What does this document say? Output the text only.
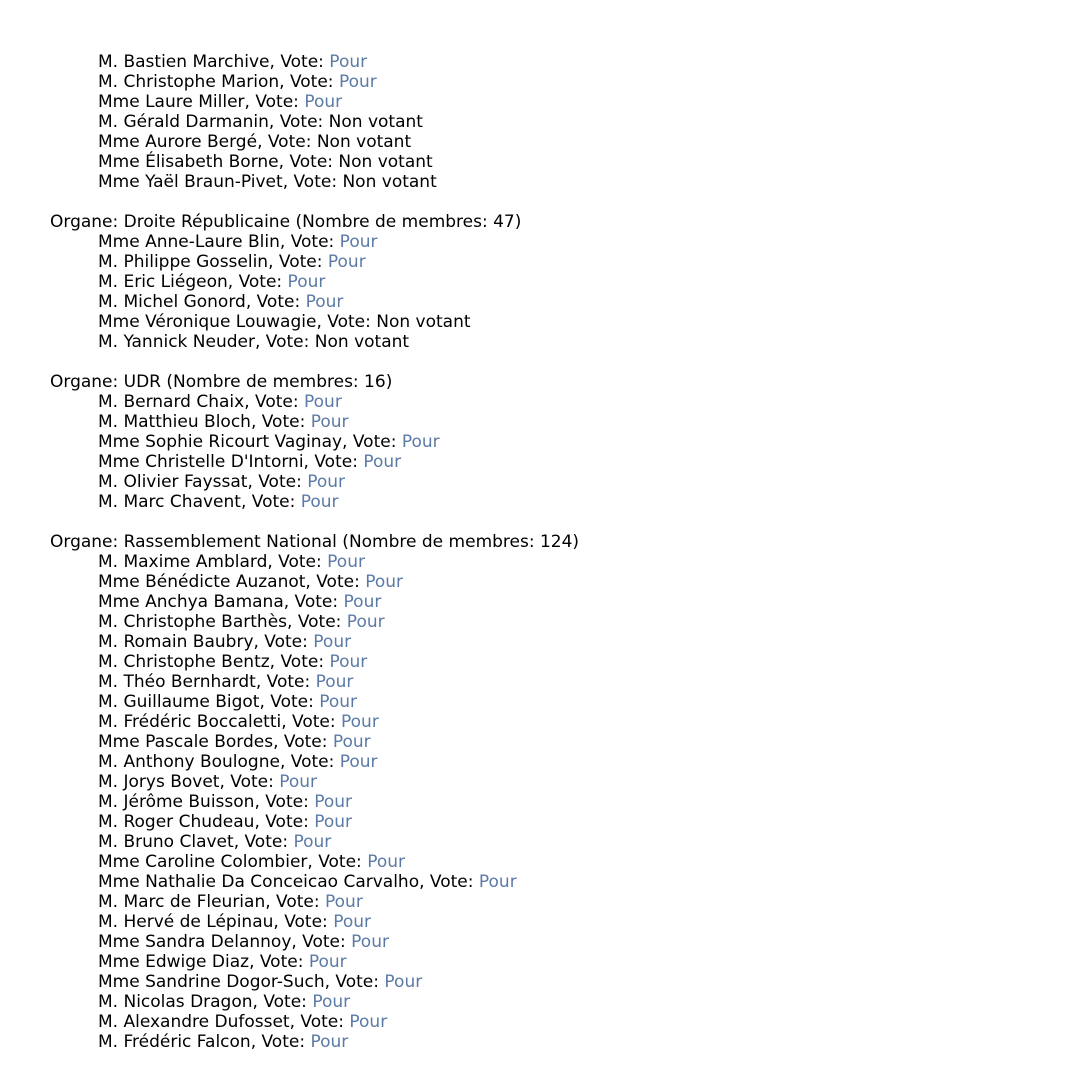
M. Bastien Marchive, Vote: Pour
M. Christophe Marion, Vote: Pour
Mme Laure Miller, Vote: Pour
M. Gérald Darmanin, Vote: Non votant
Mme Aurore Bergé, Vote: Non votant
Mme Élisabeth Borne, Vote: Non votant
Mme Yaël Braun-Pivet, Vote: Non votant
Organe: Droite Républicaine (Nombre de membres: 47)
Mme Anne-Laure Blin, Vote: Pour
M. Philippe Gosselin, Vote: Pour
M. Eric Liégeon, Vote: Pour
M. Michel Gonord, Vote: Pour
Mme Véronique Louwagie, Vote: Non votant
M. Yannick Neuder, Vote: Non votant
Organe: UDR (Nombre de membres: 16)
M. Bernard Chaix, Vote: Pour
M. Matthieu Bloch, Vote: Pour
Mme Sophie Ricourt Vaginay, Vote: Pour
Mme Christelle D'Intorni, Vote: Pour
M. Olivier Fayssat, Vote: Pour
M. Marc Chavent, Vote: Pour
Organe: Rassemblement National (Nombre de membres: 124)
M. Maxime Amblard, Vote: Pour
Mme Bénédicte Auzanot, Vote: Pour
Mme Anchya Bamana, Vote: Pour
M. Christophe Barthès, Vote: Pour
M. Romain Baubry, Vote: Pour
M. Christophe Bentz, Vote: Pour
M. Théo Bernhardt, Vote: Pour
M. Guillaume Bigot, Vote: Pour
M. Frédéric Boccaletti, Vote: Pour
Mme Pascale Bordes, Vote: Pour
M. Anthony Boulogne, Vote: Pour
M. Jorys Bovet, Vote: Pour
M. Jérôme Buisson, Vote: Pour
M. Roger Chudeau, Vote: Pour
M. Bruno Clavet, Vote: Pour
Mme Caroline Colombier, Vote: Pour
Mme Nathalie Da Conceicao Carvalho, Vote: Pour
M. Marc de Fleurian, Vote: Pour
M. Hervé de Lépinau, Vote: Pour
Mme Sandra Delannoy, Vote: Pour
Mme Edwige Diaz, Vote: Pour
Mme Sandrine Dogor-Such, Vote: Pour
M. Nicolas Dragon, Vote: Pour
M. Alexandre Dufosset, Vote: Pour
M. Frédéric Falcon, Vote: Pour
